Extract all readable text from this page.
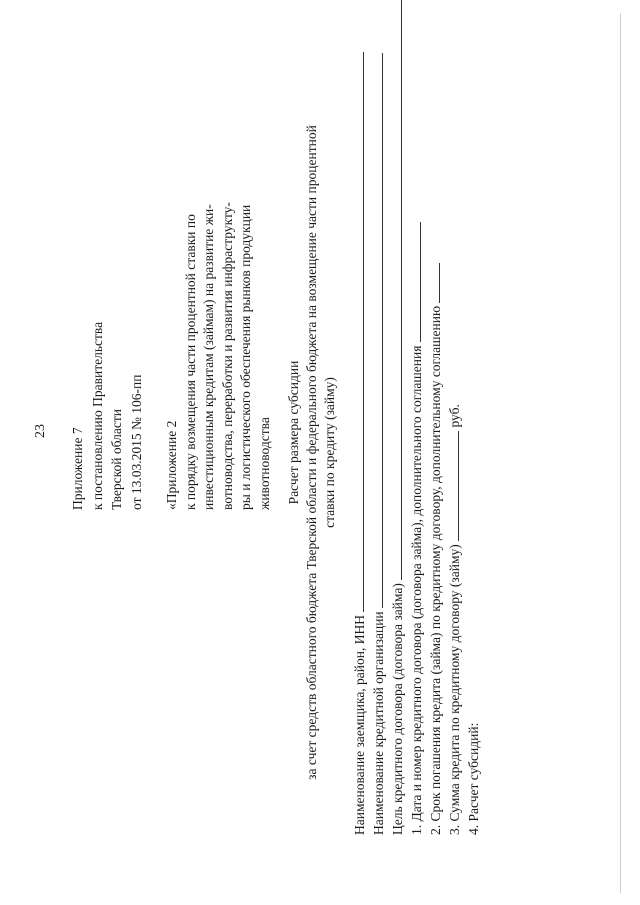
23 Приложение 7 к постановлению Правительства Тверской области от 13.03.2015 № 106-пп «Приложение 2 к порядку возмещения части процентной ставки по инвестиционным кредитам (займам) на развитие жи- вотноводства, переработки и развития инфраструкту- ры и логистического обеспечения рынков продукции животноводства Расчет размера субсидии за счет средств областного бюджета Тверской области и федерального бюджета на возмещение части процентной ставки по кредиту (займу)
Наименование заемщика, район, ИНН Наименование кредитной организации Цель кредитного договора (договора займа) 1. Дата и номер кредитного договора (договора займа), дополнительного соглашения 2. Срок погашения кредита (займа) по кредитному договору, дополнительному соглашению 3. Сумма кредита по кредитному договору (займу)  руб.
4. Расчет субсидий:
